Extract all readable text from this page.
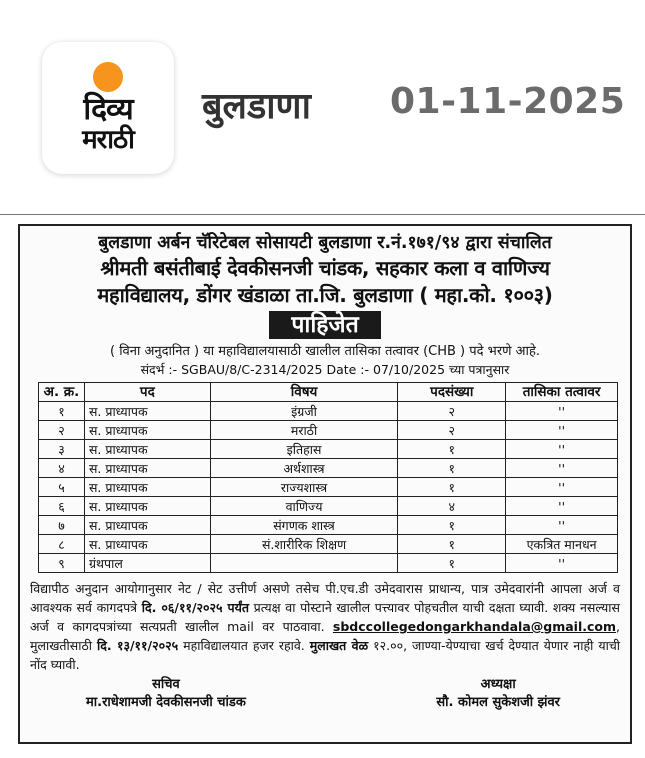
दिव्य
मराठी
बुलडाणा 01-11-2025
बुलडाणा अर्बन चॅरिटेबल सोसायटी बुलडाणा र.नं.१७१/९४ द्वारा संचालित
श्रीमती बसंतीबाई देवकीसनजी चांडक, सहकार कला व वाणिज्य
महाविद्यालय, डोंगर खंडाळा ता.जि. बुलडाणा ( महा.को. १००३)
पाहिजेत
( विना अनुदानित ) या महाविद्यालयासाठी खालील तासिका तत्वावर (CHB ) पदे भरणे आहे.
संदर्भ :- SGBAU/8/C-2314/2025 Date :- 07/10/2025 च्या पत्रानुसार
अ. क्र.	पद	विषय	पदसंख्या	तासिका तत्वावर
१	स. प्राध्यापक	इंग्रजी	२	''
२	स. प्राध्यापक	मराठी	२	''
३	स. प्राध्यापक	इतिहास	१	''
४	स. प्राध्यापक	अर्थशास्त्र	१	''
५	स. प्राध्यापक	राज्यशास्त्र	१	''
६	स. प्राध्यापक	वाणिज्य	४	''
७	स. प्राध्यापक	संगणक शास्त्र	१	''
८	स. प्राध्यापक	सं.शारीरिक शिक्षण	१	एकत्रित मानधन
९	ग्रंथपाल		१	''
विद्यापीठ अनुदान आयोगानुसार नेट / सेट उत्तीर्ण असणे तसेच पी.एच.डी उमेदवारास प्राधान्य, पात्र उमेदवारांनी आपला अर्ज व आवश्यक सर्व कागदपत्रे दि. ०६/११/२०२५ पर्यंत प्रत्यक्ष वा पोस्टाने खालील पत्त्यावर पोहचतील याची दक्षता घ्यावी. शक्य नसल्यास अर्ज व कागदपत्रांच्या सत्यप्रती खालील mail वर पाठवावा. sbdccollegedongarkhandala@gmail.com, मुलाखतीसाठी दि. १३/११/२०२५ महाविद्यालयात हजर रहावे. मुलाखत वेळ १२.००, जाण्या-येण्याचा खर्च देण्यात येणार नाही याची नोंद घ्यावी.
सचिव
मा.राधेशामजी देवकीसनजी चांडक
अध्यक्षा
सौ. कोमल सुकेशजी झंवर
